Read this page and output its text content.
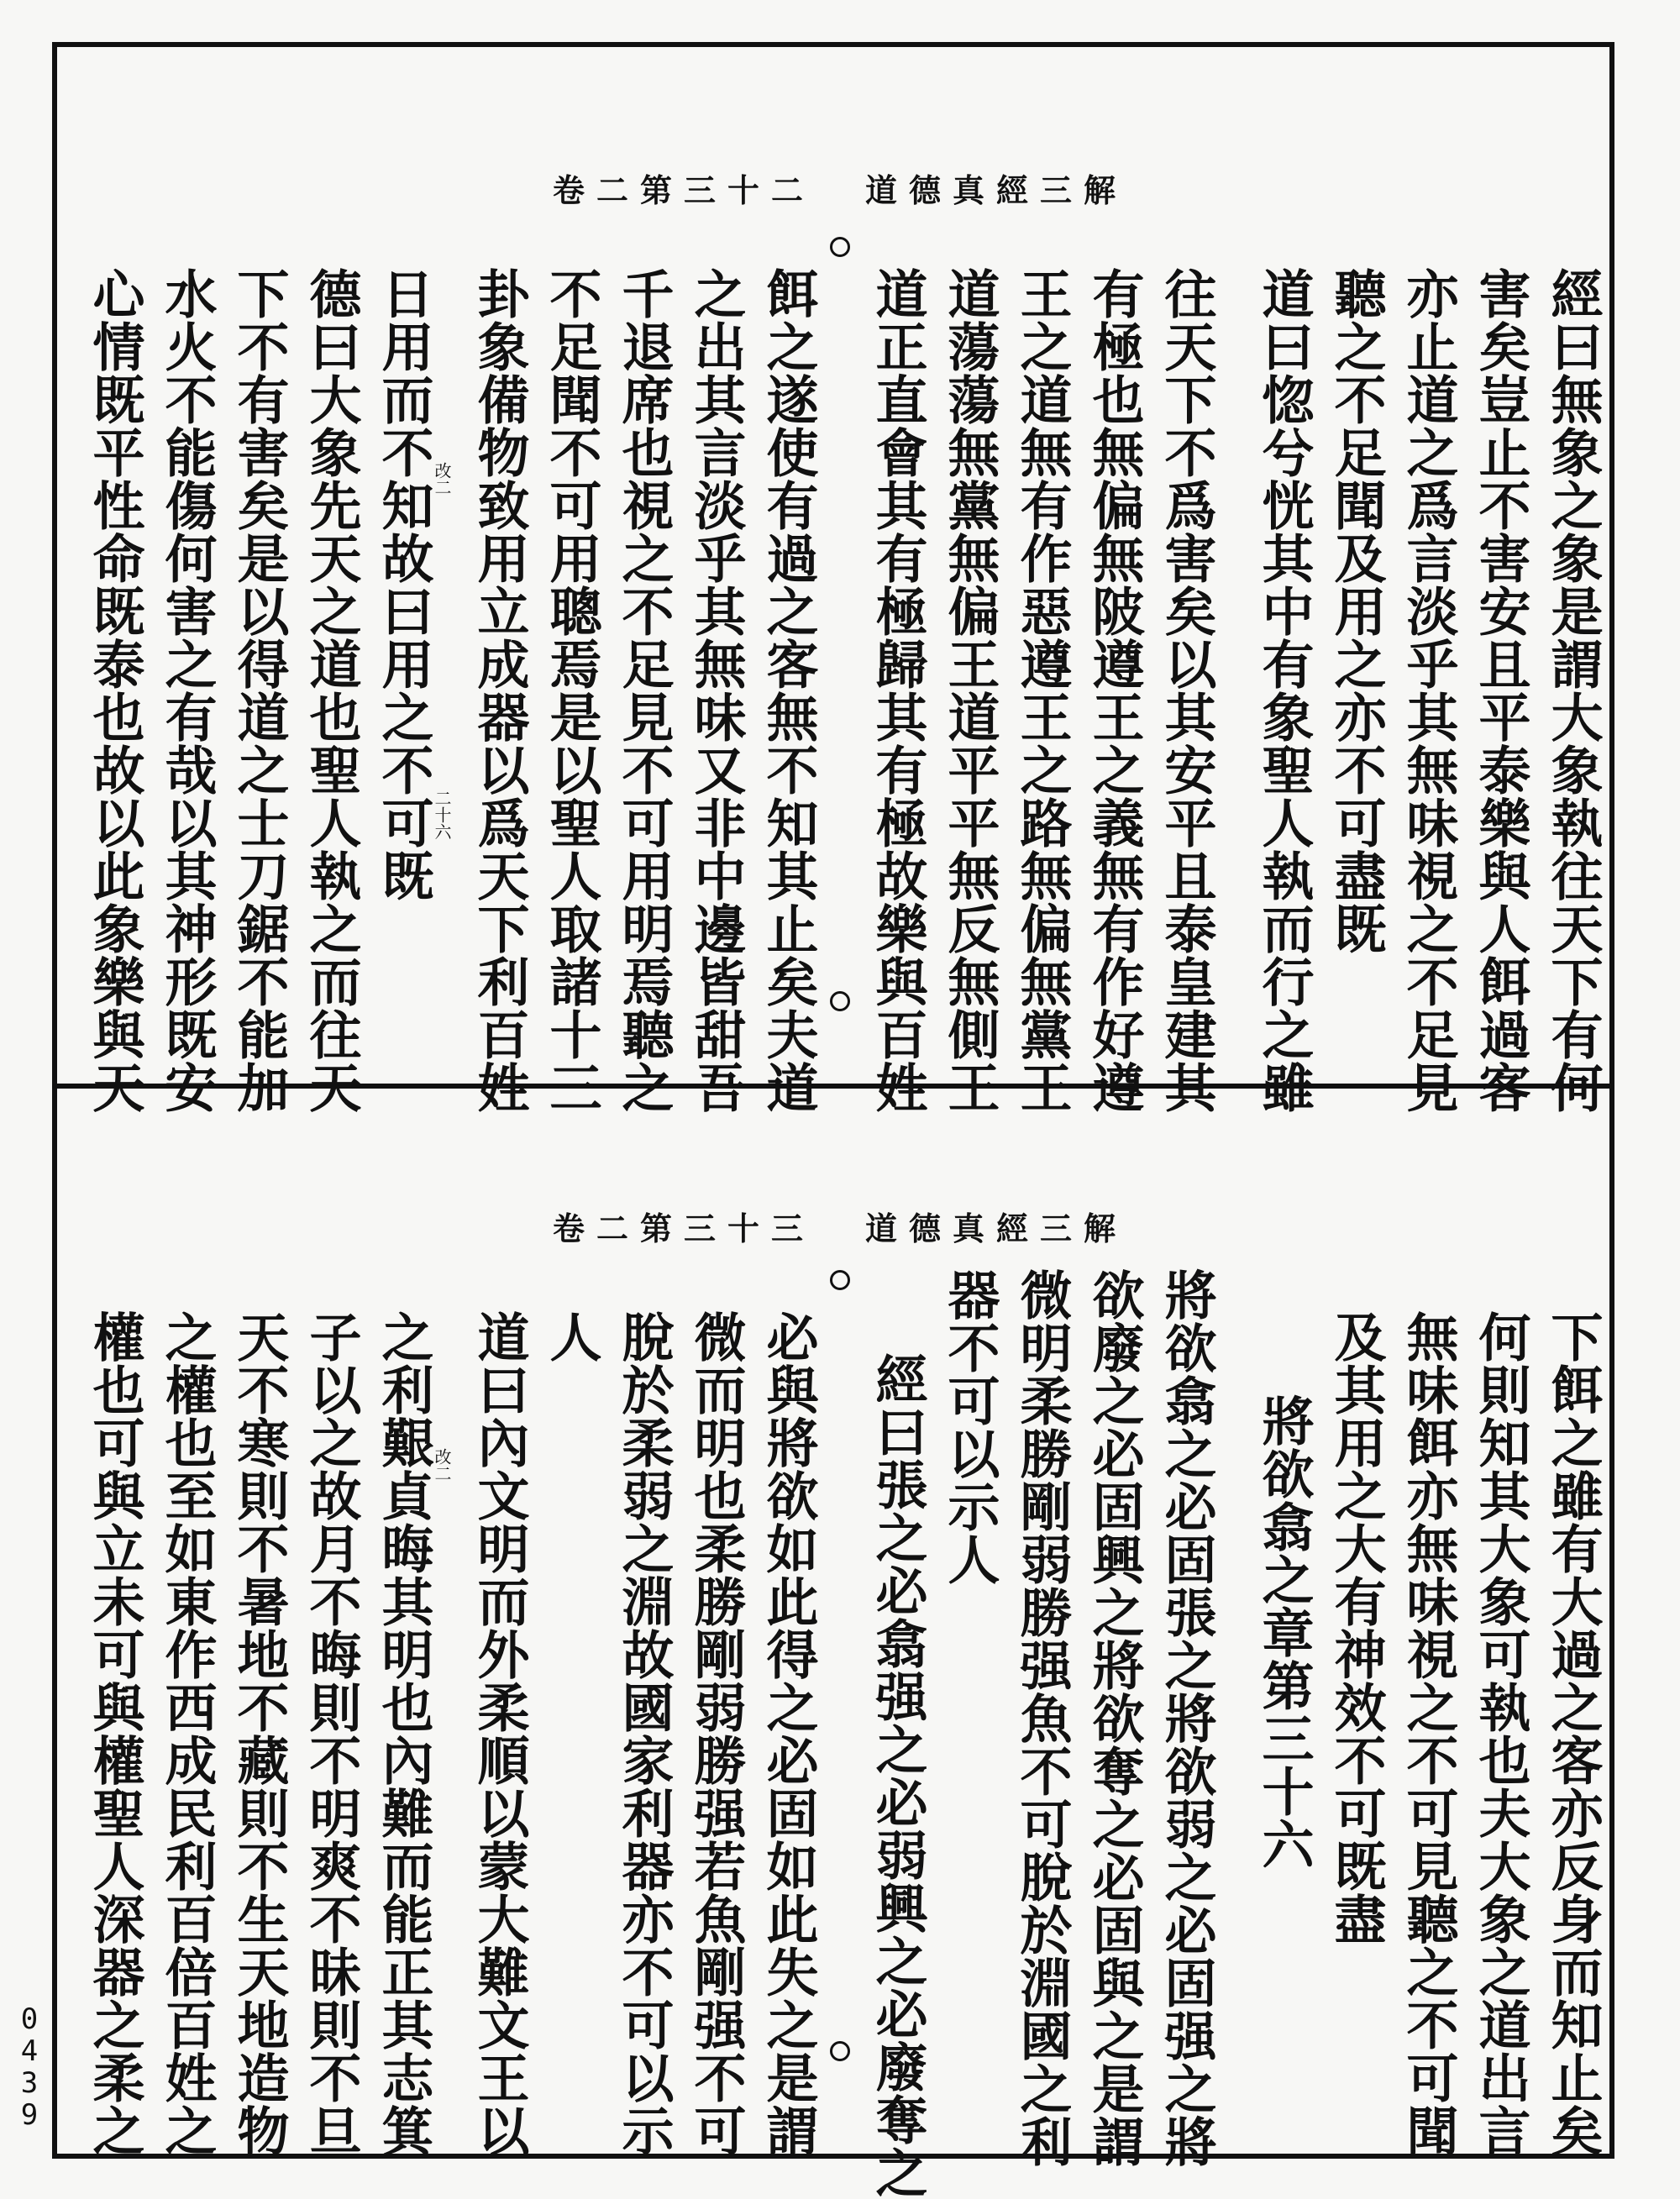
0
4
3
9
卷二第三十二 道德真經三解
經曰無象之象是謂大象執往天下有何
害矣豈止不害安且平泰樂與人餌過客
亦止道之爲言淡乎其無味視之不足見
聽之不足聞及用之亦不可盡既
道曰惚兮恍其中有象聖人執而行之雖
往天下不爲害矣以其安平且泰皇建其
有極也無偏無陂遵王之義無有作好遵
王之道無有作惡遵王之路無偏無黨王
道蕩蕩無黨無偏王道平平無反無側王
道正直會其有極歸其有極故樂與百姓
餌之遂使有過之客無不知其止矣夫道
之出其言淡乎其無味又非中邊皆甜吾
千退席也視之不足見不可用明焉聽之
不足聞不可用聰焉是以聖人取諸十三
卦象備物致用立成器以爲天下利百姓
日用而不知故曰用之不可既
德曰大象先天之道也聖人執之而往天
下不有害矣是以得道之士刀鋸不能加
水火不能傷何害之有哉以其神形既安
心情既平性命既泰也故以此象樂與天	改二
二十六
卷二第三十三 道德真經三解
下餌之雖有大過之客亦反身而知止矣
何則知其大象可執也夫大象之道出言
無味餌亦無味視之不可見聽之不可聞
及其用之大有神效不可既盡
將欲翕之章第三十六
將欲翕之必固張之將欲弱之必固强之將
欲廢之必固興之將欲奪之必固與之是謂
微明柔勝剛弱勝强魚不可脫於淵國之利
器不可以示人
經曰張之必翕强之必弱興之必廢奪之
必與將欲如此得之必固如此失之是謂
微而明也柔勝剛弱勝强若魚剛强不可
脫於柔弱之淵故國家利器亦不可以示
人
道曰內文明而外柔順以蒙大難文王以
之利艱貞晦其明也內難而能正其志箕
子以之故月不晦則不明爽不昧則不旦
天不寒則不暑地不藏則不生天地造物
之權也至如東作西成民利百倍百姓之
權也可與立未可與權聖人深器之柔之	改二
